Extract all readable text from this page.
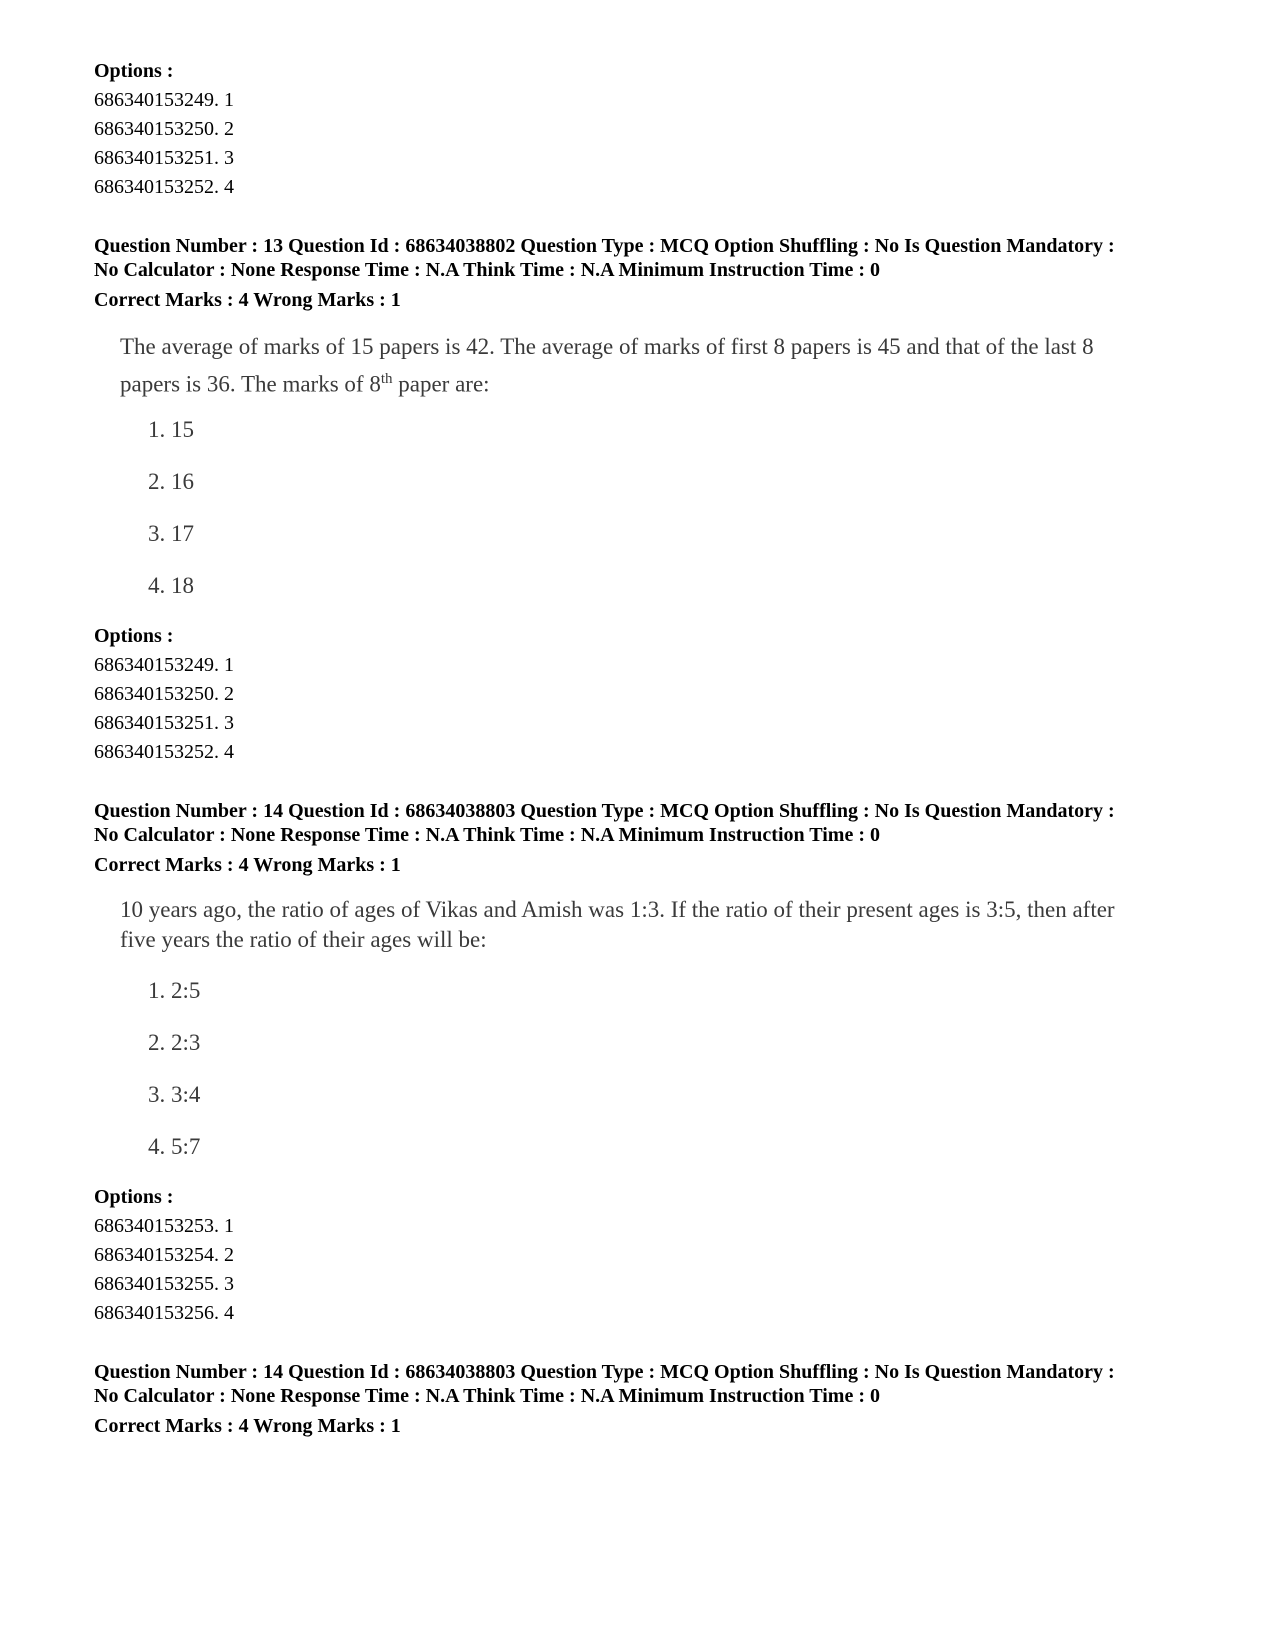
Options :
686340153249. 1
686340153250. 2
686340153251. 3
686340153252. 4
Question Number : 13 Question Id : 68634038802 Question Type : MCQ Option Shuffling : No Is Question Mandatory :
No Calculator : None Response Time : N.A Think Time : N.A Minimum Instruction Time : 0
Correct Marks : 4 Wrong Marks : 1
The average of marks of 15 papers is 42. The average of marks of first 8 papers is 45 and that of the last 8
papers is 36. The marks of 8th paper are:
1. 15
2. 16
3. 17
4. 18
Options :
686340153249. 1
686340153250. 2
686340153251. 3
686340153252. 4
Question Number : 14 Question Id : 68634038803 Question Type : MCQ Option Shuffling : No Is Question Mandatory :
No Calculator : None Response Time : N.A Think Time : N.A Minimum Instruction Time : 0
Correct Marks : 4 Wrong Marks : 1
10 years ago, the ratio of ages of Vikas and Amish was 1:3. If the ratio of their present ages is 3:5, then after
five years the ratio of their ages will be:
1. 2:5
2. 2:3
3. 3:4
4. 5:7
Options :
686340153253. 1
686340153254. 2
686340153255. 3
686340153256. 4
Question Number : 14 Question Id : 68634038803 Question Type : MCQ Option Shuffling : No Is Question Mandatory :
No Calculator : None Response Time : N.A Think Time : N.A Minimum Instruction Time : 0
Correct Marks : 4 Wrong Marks : 1
